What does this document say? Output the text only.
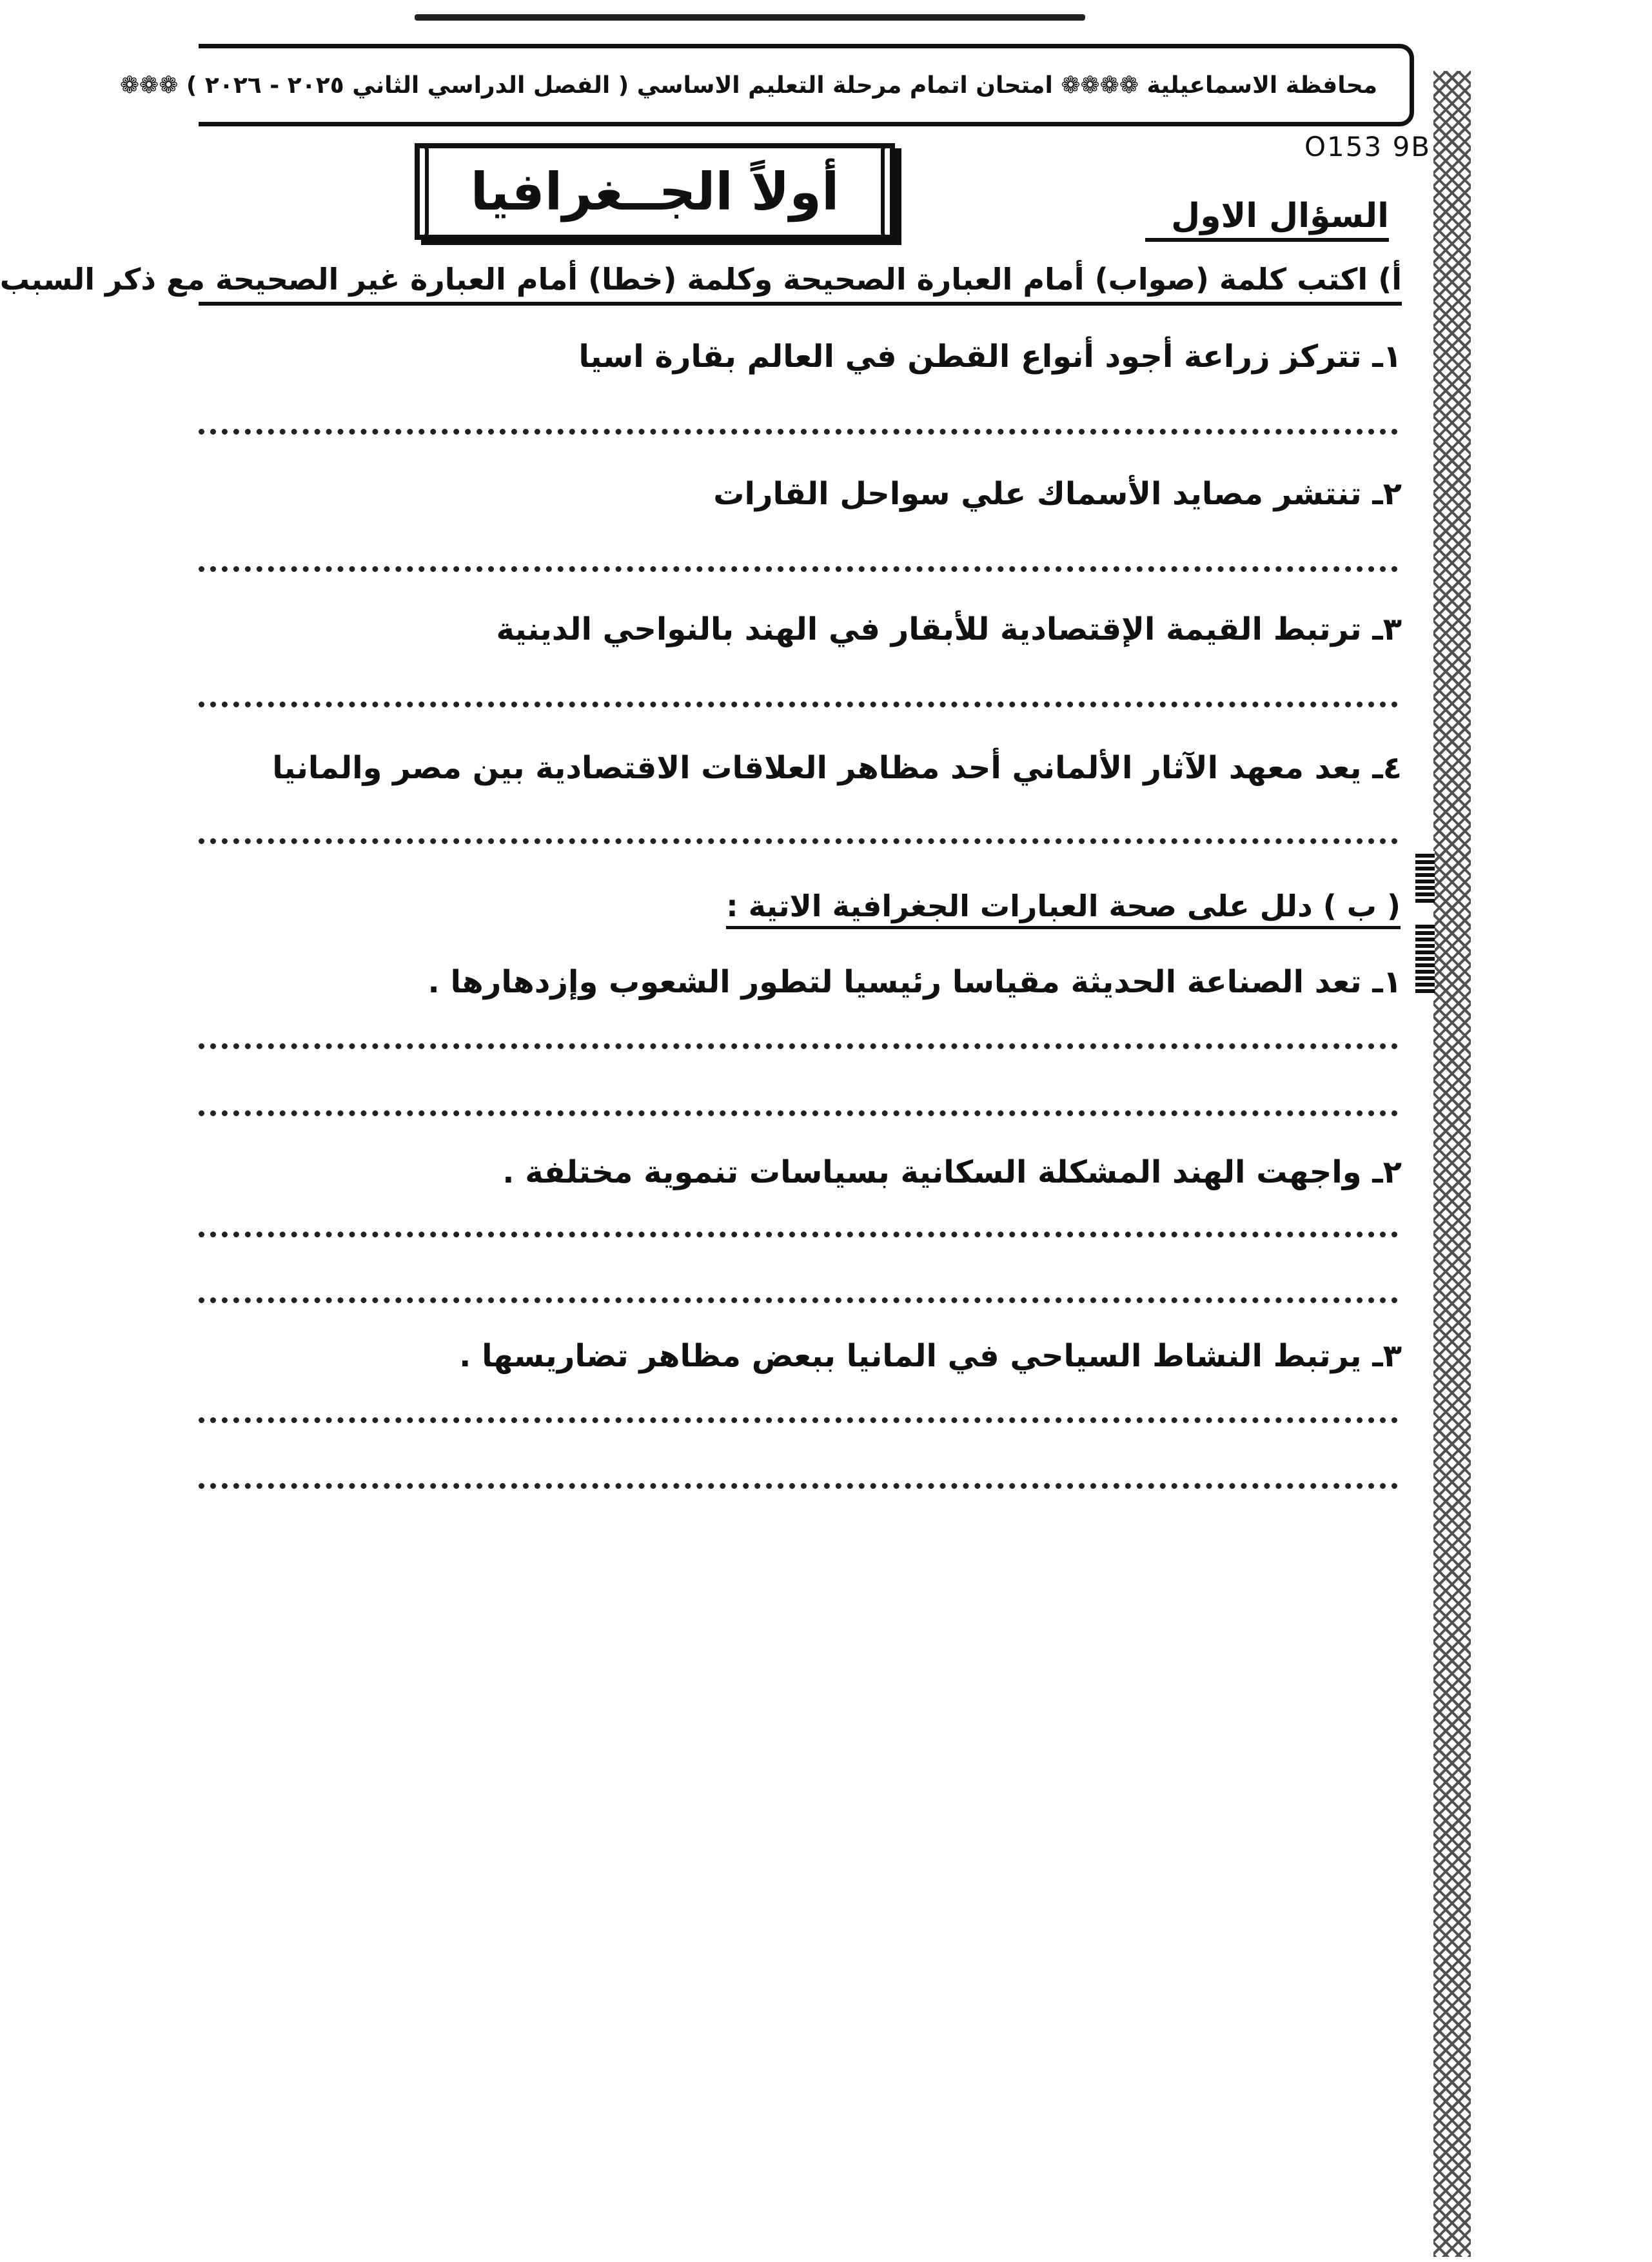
محافظة الاسماعيلية ❁❁❁❁ امتحان اتمام مرحلة التعليم الاساسي ( الفصل الدراسي الثاني ٢٠٢٥ - ٢٠٢٦ ) ❁❁❁
O153 9B
أولاً الجــغرافيا	السؤال الاول
أ) اكتب كلمة (صواب) أمام العبارة الصحيحة وكلمة (خطا) أمام العبارة غير الصحيحة مع ذكر السبب
١ـ تتركز زراعة أجود أنواع القطن في العالم بقارة اسيا
٢ـ تنتشر مصايد الأسماك علي سواحل القارات
٣ـ ترتبط القيمة الإقتصادية للأبقار في الهند بالنواحي الدينية
٤ـ يعد معهد الآثار الألماني أحد مظاهر العلاقات الاقتصادية بين مصر والمانيا
( ب ) دلل على صحة العبارات الجغرافية الاتية :
١ـ تعد الصناعة الحديثة مقياسا رئيسيا لتطور الشعوب وإزدهارها .
٢ـ واجهت الهند المشكلة السكانية بسياسات تنموية مختلفة .
٣ـ يرتبط النشاط السياحي في المانيا ببعض مظاهر تضاريسها .
